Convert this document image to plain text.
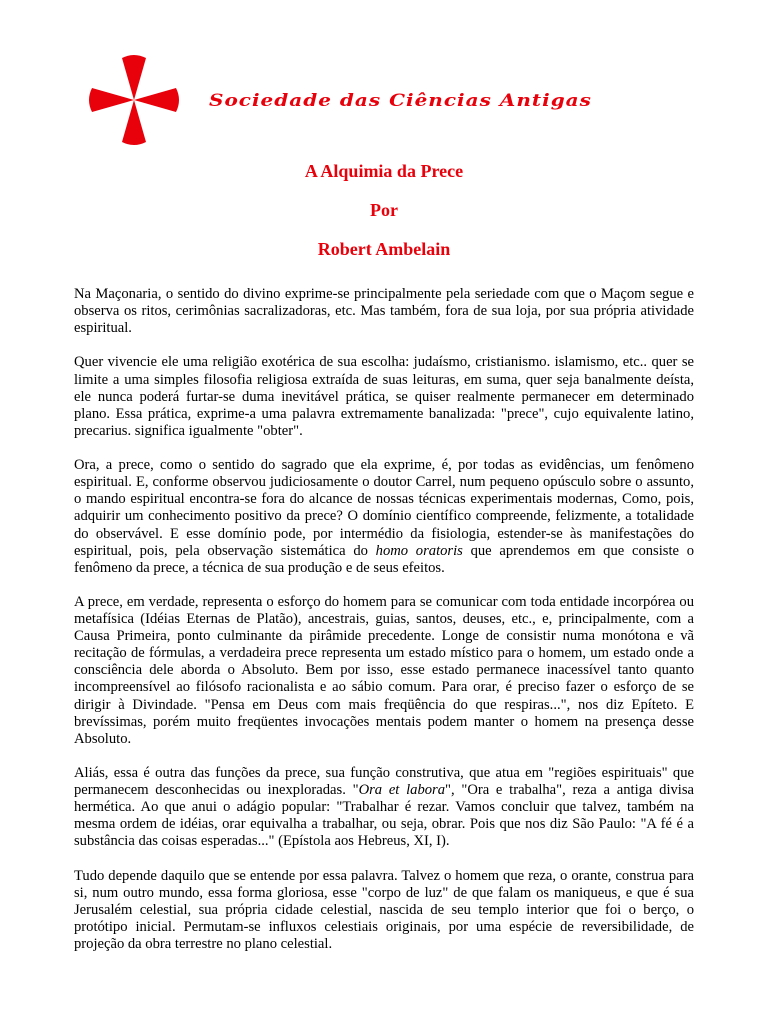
Sociedade das Ciências Antigas
A Alquimia da Prece
Por
Robert Ambelain

Na Maçonaria, o sentido do divino exprime-se principalmente pela seriedade com que o Maçom segue e observa os ritos, cerimônias sacralizadoras, etc. Mas também, fora de sua loja, por sua própria atividade espiritual.

Quer vivencie ele uma religião exotérica de sua escolha: judaísmo, cristianismo. islamismo, etc.. quer se limite a uma simples filosofia religiosa extraída de suas leituras, em suma, quer seja banalmente deísta, ele nunca poderá furtar-se duma inevitável prática, se quiser realmente permanecer em determinado plano. Essa prática, exprime-a uma palavra extremamente banalizada: "prece", cujo equivalente latino, precarius. significa igualmente "obter".

Ora, a prece, como o sentido do sagrado que ela exprime, é, por todas as evidências, um fenômeno espiritual. E, conforme observou judiciosamente o doutor Carrel, num pequeno opúsculo sobre o assunto, o mando espiritual encontra-se fora do alcance de nossas técnicas experimentais modernas, Como, pois, adquirir um conhecimento positivo da prece? O domínio científico compreende, felizmente, a totalidade do observável. E esse domínio pode, por intermédio da fisiologia, estender-se às manifestações do espiritual, pois, pela observação sistemática do homo oratoris que aprendemos em que consiste o fenômeno da prece, a técnica de sua produção e de seus efeitos.

A prece, em verdade, representa o esforço do homem para se comunicar com toda entidade incorpórea ou metafísica (Idéias Eternas de Platão), ancestrais, guias, santos, deuses, etc., e, principalmente, com a Causa Primeira, ponto culminante da pirâmide precedente. Longe de consistir numa monótona e vã recitação de fórmulas, a verdadeira prece representa um estado místico para o homem, um estado onde a consciência dele aborda o Absoluto. Bem por isso, esse estado permanece inacessível tanto quanto incompreensível ao filósofo racionalista e ao sábio comum. Para orar, é preciso fazer o esforço de se dirigir à Divindade. "Pensa em Deus com mais freqüência do que respiras...", nos diz Epíteto. E brevíssimas, porém muito freqüentes invocações mentais podem manter o homem na presença desse Absoluto.

Aliás, essa é outra das funções da prece, sua função construtiva, que atua em "regiões espirituais" que permanecem desconhecidas ou inexploradas. "Ora et labora", "Ora e trabalha", reza a antiga divisa hermética. Ao que anui o adágio popular: "Trabalhar é rezar. Vamos concluir que talvez, também na mesma ordem de idéias, orar equivalha a trabalhar, ou seja, obrar. Pois que nos diz São Paulo: "A fé é a substância das coisas esperadas..." (Epístola aos Hebreus, XI, I).

Tudo depende daquilo que se entende por essa palavra. Talvez o homem que reza, o orante, construa para si, num outro mundo, essa forma gloriosa, esse "corpo de luz" de que falam os maniqueus, e que é sua Jerusalém celestial, sua própria cidade celestial, nascida de seu templo interior que foi o berço, o protótipo inicial. Permutam-se influxos celestiais originais, por uma espécie de reversibilidade, de projeção da obra terrestre no plano celestial.
